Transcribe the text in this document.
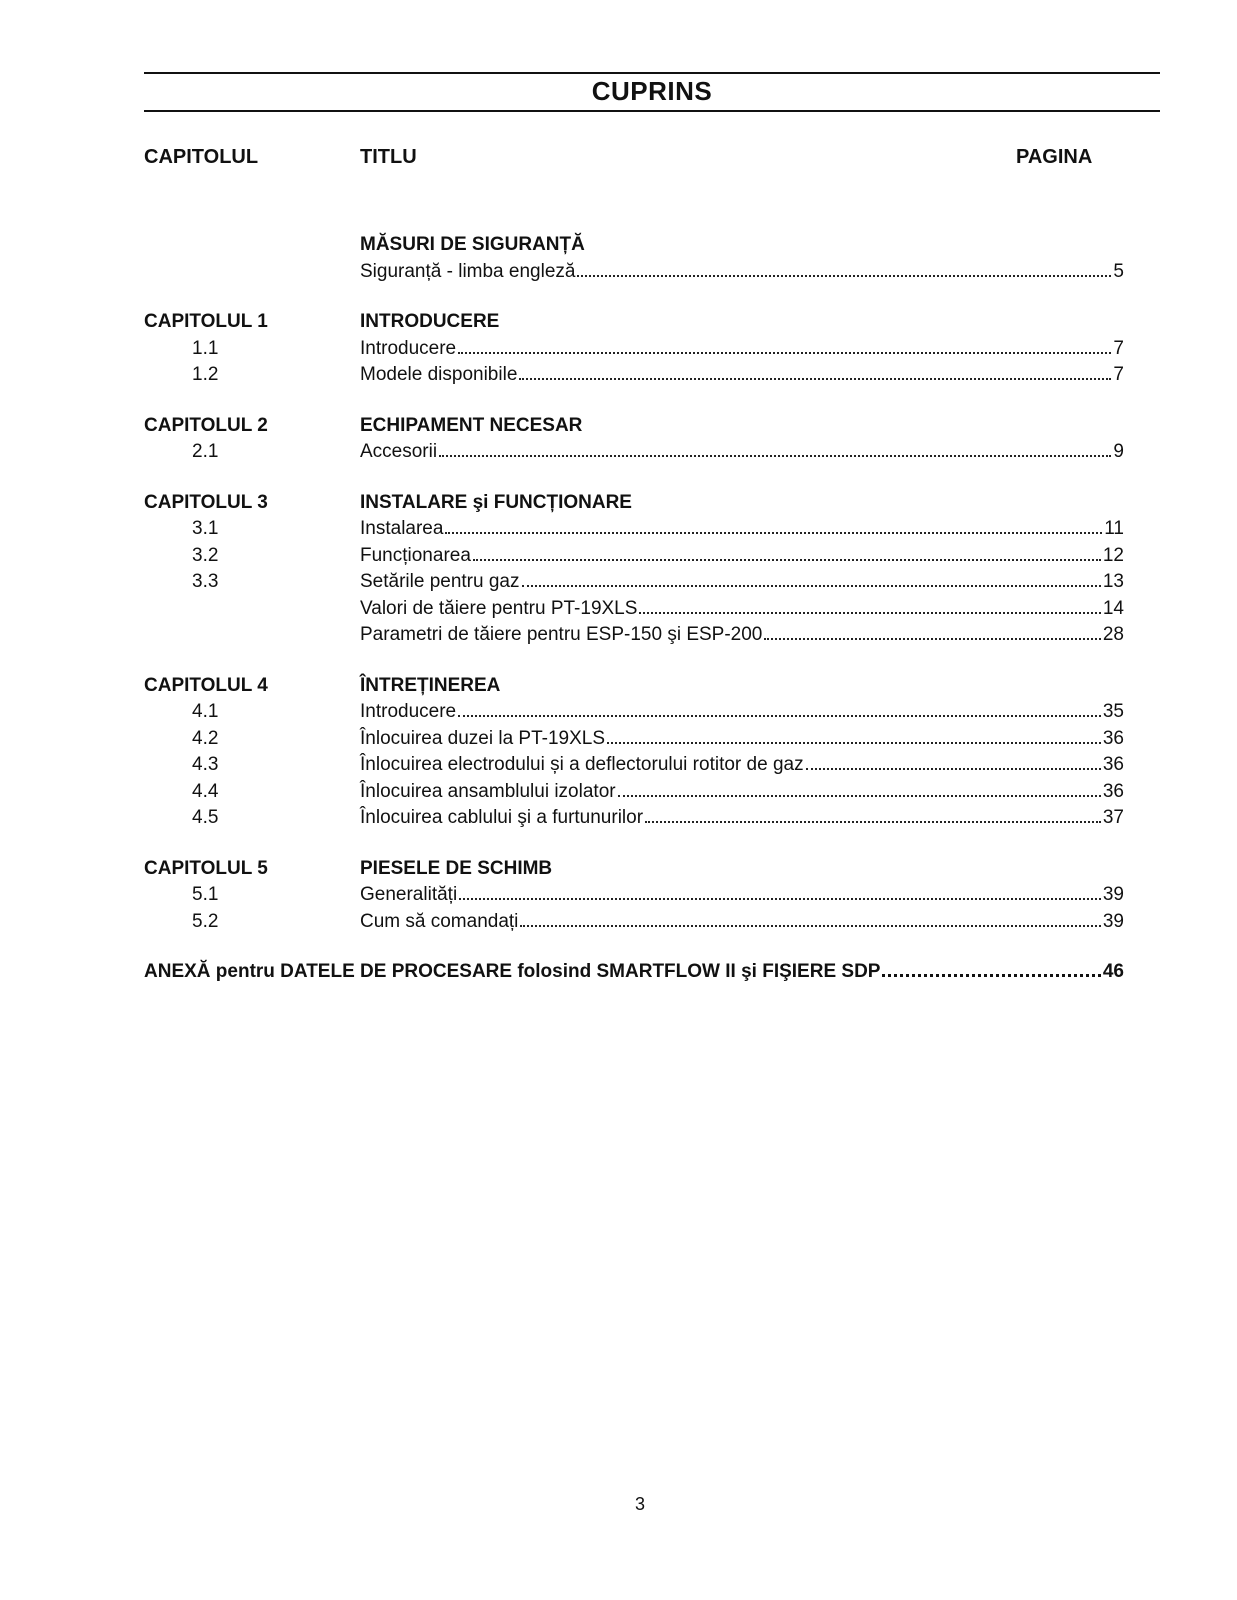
CUPRINS
CAPITOLUL	TITLU	PAGINA
MĂSURI DE SIGURANȚĂ
Siguranță - limba engleză	5
CAPITOLUL 1	INTRODUCERE
1.1	Introducere	7
1.2	Modele disponibile	7
CAPITOLUL 2	ECHIPAMENT NECESAR
2.1	Accesorii	9
CAPITOLUL 3	INSTALARE şi FUNCȚIONARE
3.1	Instalarea	11
3.2	Funcționarea	12
3.3	Setările pentru gaz	13
Valori de tăiere pentru PT-19XLS	14
Parametri de tăiere pentru ESP-150 şi ESP-200	28
CAPITOLUL 4	ÎNTREȚINEREA
4.1	Introducere	35
4.2	Înlocuirea duzei la PT-19XLS	36
4.3	Înlocuirea electrodului și a deflectorului rotitor de gaz	36
4.4	Înlocuirea ansamblului izolator	36
4.5	Înlocuirea cablului şi a furtunurilor	37
CAPITOLUL 5	PIESELE DE SCHIMB
5.1	Generalități	39
5.2	Cum să comandați	39
ANEXĂ pentru DATELE DE PROCESARE folosind SMARTFLOW II şi FIŞIERE SDP	46
3
